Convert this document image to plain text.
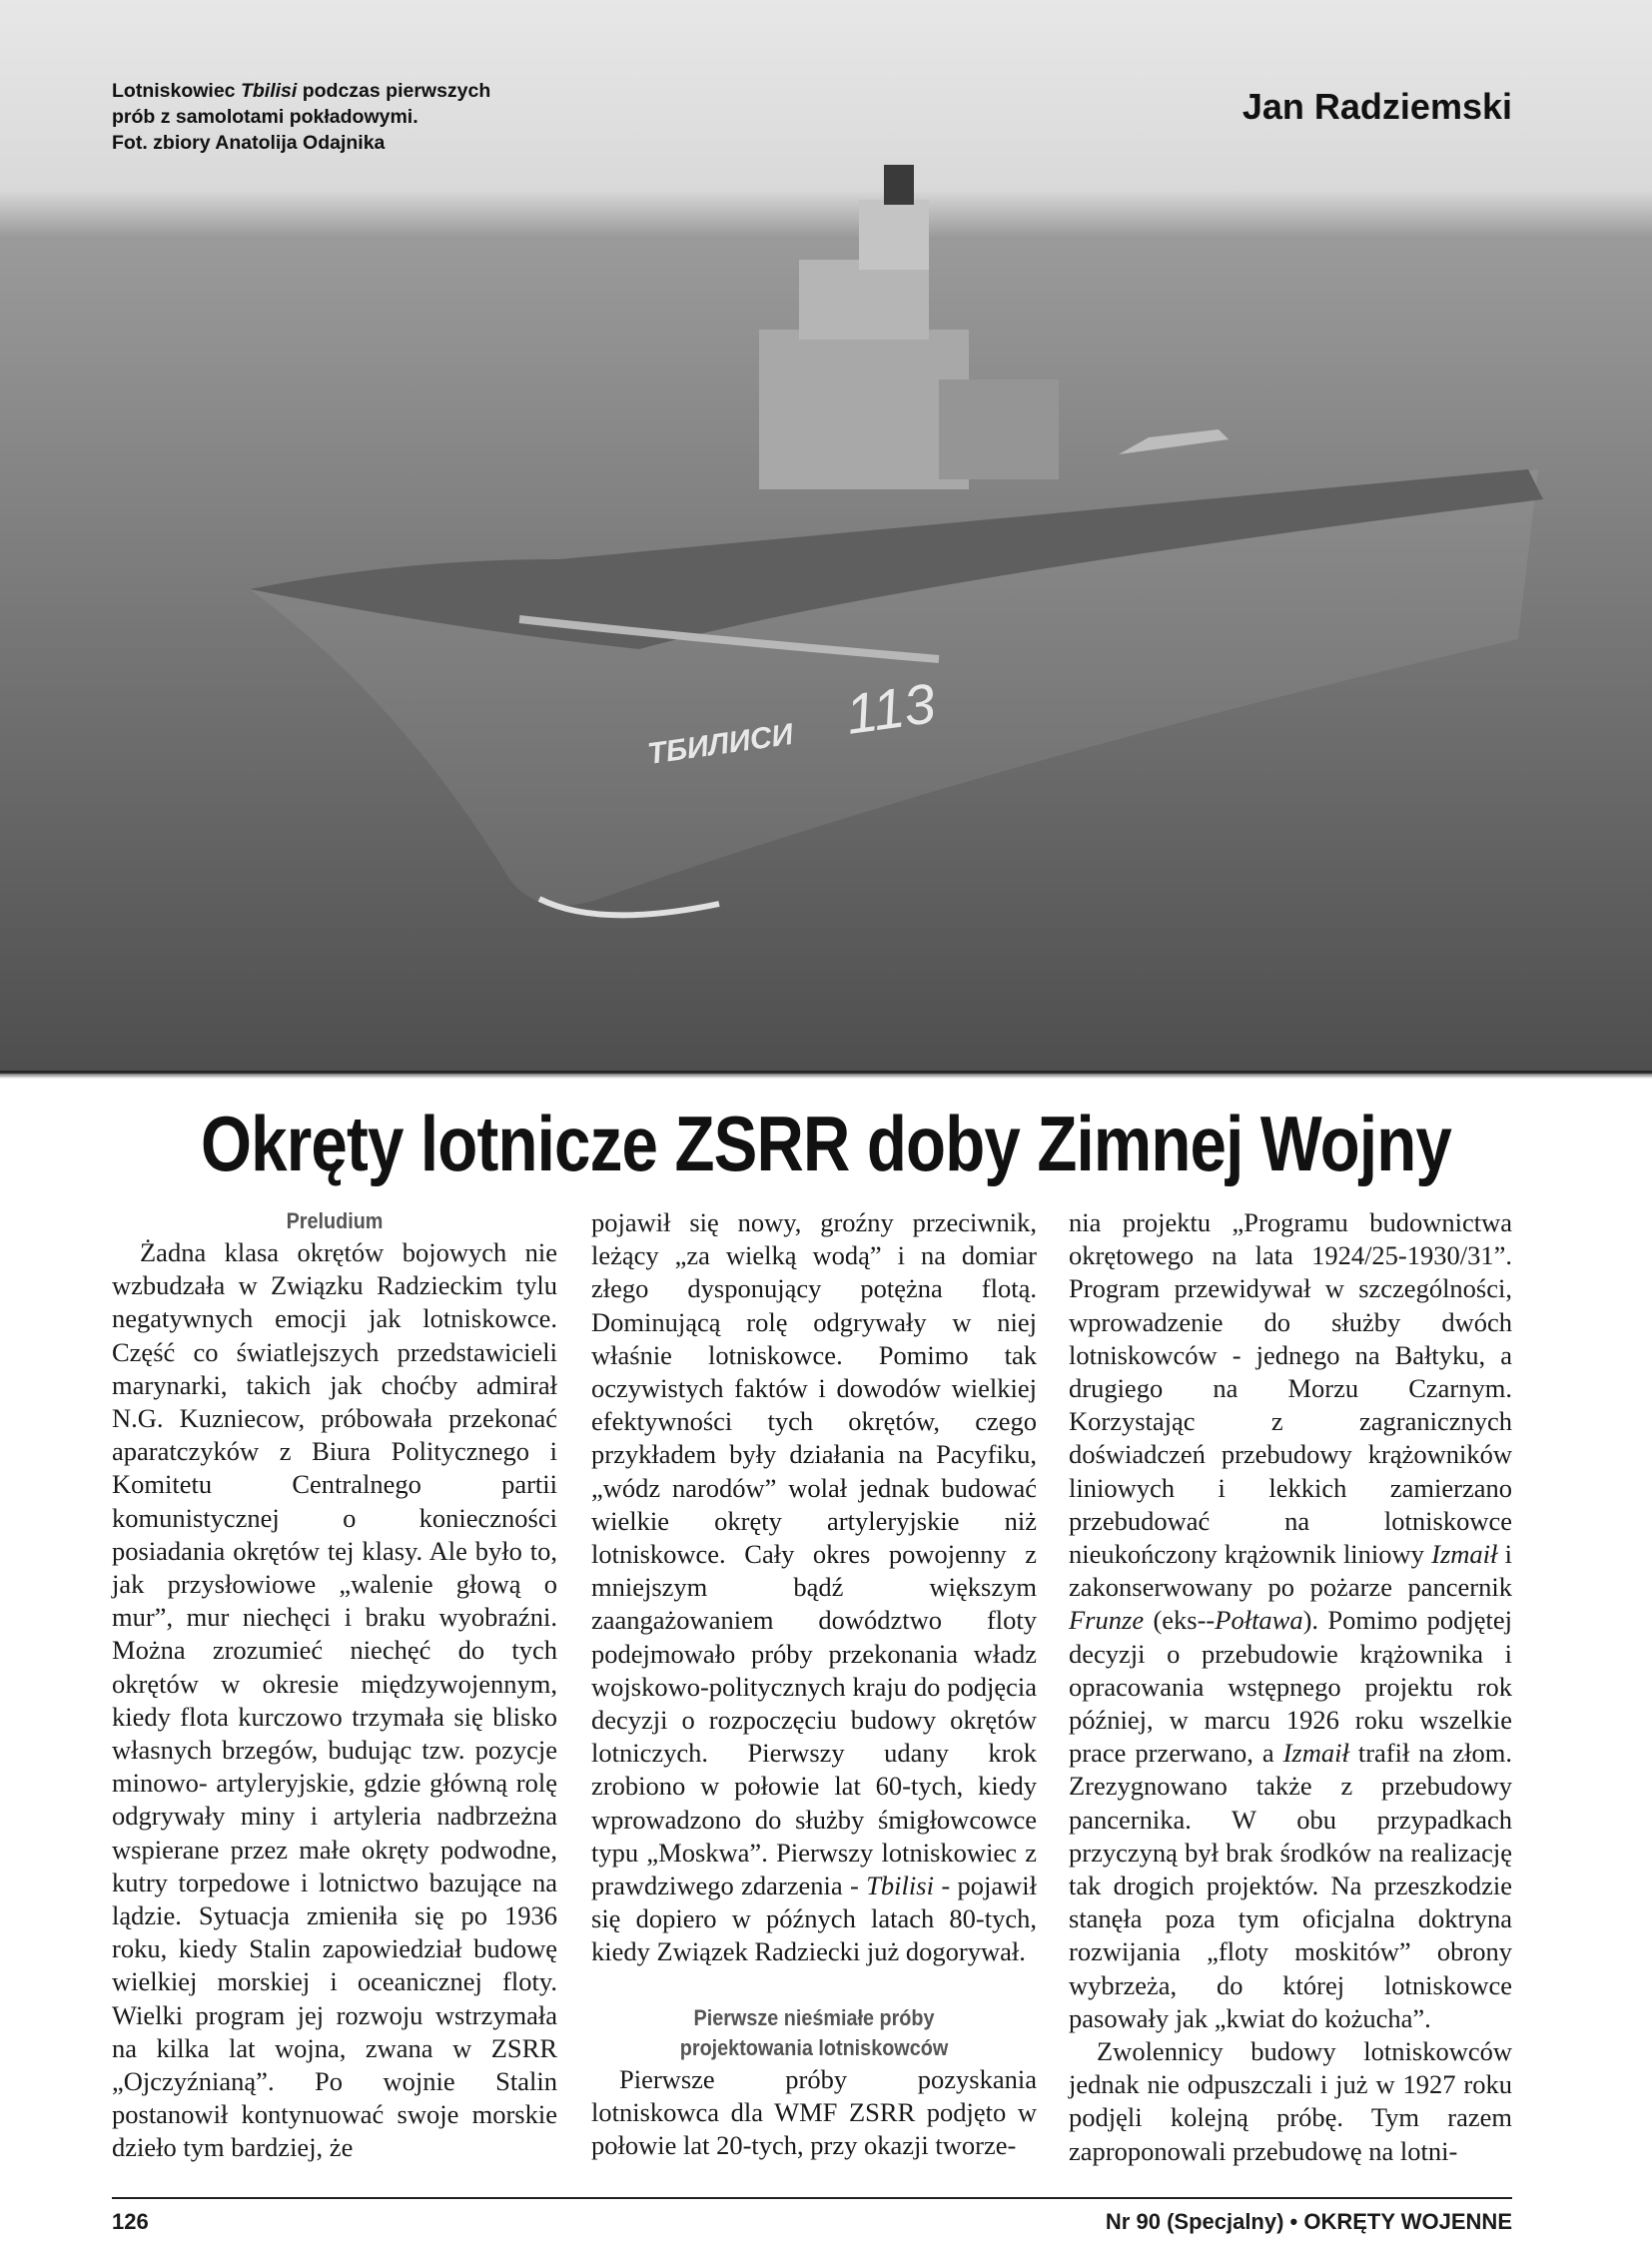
ТБИЛИСИ 113
Lotniskowiec Tbilisi podczas pierwszych
prób z samolotami pokładowymi.
Fot. zbiory Anatolija Odajnika
Jan Radziemski
Okręty lotnicze ZSRR doby Zimnej Wojny
Preludium

Żadna klasa okrętów bojowych nie wzbudzała w Związku Radzieckim tylu negatywnych emocji jak lotniskowce. Część co światlejszych przedstawicieli marynarki, takich jak choćby admirał N.G. Kuzniecow, próbowała przekonać aparatczyków z Biura Politycznego i Komitetu Centralnego partii komunistycznej o konieczności posiadania okrętów tej klasy. Ale było to, jak przysłowiowe „walenie głową o mur”, mur niechęci i braku wyobraźni. Można zrozumieć niechęć do tych okrętów w okresie międzywojennym, kiedy flota kurczowo trzymała się blisko własnych brzegów, budując tzw. pozycje minowo- artyleryjskie, gdzie główną rolę odgrywały miny i artyleria nadbrzeżna wspierane przez małe okręty podwodne, kutry torpedowe i lotnictwo bazujące na lądzie. Sytuacja zmieniła się po 1936 roku, kiedy Stalin zapowiedział budowę wielkiej morskiej i oceanicznej floty. Wielki program jej rozwoju wstrzymała na kilka lat wojna, zwana w ZSRR „Ojczyźnianą”. Po wojnie Stalin postanowił kontynuować swoje morskie dzieło tym bardziej, że

pojawił się nowy, groźny przeciwnik, leżący „za wielką wodą” i na domiar złego dysponujący potężna flotą. Dominującą rolę odgrywały w niej właśnie lotniskowce. Pomimo tak oczywistych faktów i dowodów wielkiej efektywności tych okrętów, czego przykładem były działania na Pacyfiku, „wódz narodów” wolał jednak budować wielkie okręty artyleryjskie niż lotniskowce. Cały okres powojenny z mniejszym bądź większym zaangażowaniem dowództwo floty podejmowało próby przekonania władz wojskowo-politycznych kraju do podjęcia decyzji o rozpoczęciu budowy okrętów lotniczych. Pierwszy udany krok zrobiono w połowie lat 60-tych, kiedy wprowadzono do służby śmigłowcowce typu „Moskwa”. Pierwszy lotniskowiec z prawdziwego zdarzenia - Tbilisi - pojawił się dopiero w późnych latach 80-tych, kiedy Związek Radziecki już dogorywał.

Pierwsze nieśmiałe próby
projektowania lotniskowców

Pierwsze próby pozyskania lotniskowca dla WMF ZSRR podjęto w połowie lat 20-tych, przy okazji tworze-

nia projektu „Programu budownictwa okrętowego na lata 1924/25-1930/31”. Program przewidywał w szczególności, wprowadzenie do służby dwóch lotniskowców - jednego na Bałtyku, a drugiego na Morzu Czarnym. Korzystając z zagranicznych doświadczeń przebudowy krążowników liniowych i lekkich zamierzano przebudować na lotniskowce nieukończony krążownik liniowy Izmaił i zakonserwowany po pożarze pancernik Frunze (eks--Połtawa). Pomimo podjętej decyzji o przebudowie krążownika i opracowania wstępnego projektu rok później, w marcu 1926 roku wszelkie prace przerwano, a Izmaił trafił na złom. Zrezygnowano także z przebudowy pancernika. W obu przypadkach przyczyną był brak środków na realizację tak drogich projektów. Na przeszkodzie stanęła poza tym oficjalna doktryna rozwijania „floty moskitów” obrony wybrzeża, do której lotniskowce pasowały jak „kwiat do kożucha”.

Zwolennicy budowy lotniskowców jednak nie odpuszczali i już w 1927 roku podjęli kolejną próbę. Tym razem zaproponowali przebudowę na lotni-

126	Nr 90 (Specjalny) • OKRĘTY WOJENNE
